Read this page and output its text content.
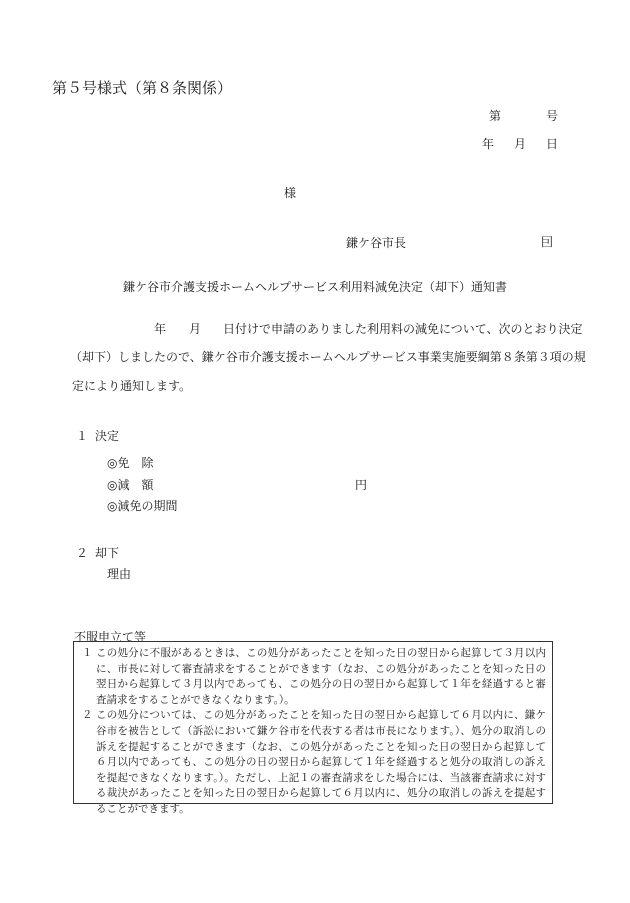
第５号様式（第８条関係）
第	号
年 月 日
様
鎌ケ谷市長	囙
鎌ケ谷市介護支援ホームヘルプサービス利用料減免決定（却下）通知書
年 月 日付けで申請のありました利用料の減免について、次のとおり決定
（却下）しましたので、鎌ケ谷市介護支援ホームヘルプサービス事業実施要綱第８条第３項の規
定により通知します。
１ 決定
◎免　除
◎減　額	円
◎減免の期間
２ 却下
理由
不服申立て等
１ この処分に不服があるときは、この処分があったことを知った日の翌日から起算して３月以内に、市長に対して審査請求をすることができます（なお、この処分があったことを知った日の翌日から起算して３月以内であっても、この処分の日の翌日から起算して１年を経過すると審査請求をすることができなくなります。）。
２ この処分については、この処分があったことを知った日の翌日から起算して６月以内に、鎌ケ谷市を被告として（訴訟において鎌ケ谷市を代表する者は市長になります。）、処分の取消しの訴えを提起することができます（なお、この処分があったことを知った日の翌日から起算して６月以内であっても、この処分の日の翌日から起算して１年を経過すると処分の取消しの訴えを提起できなくなります。）。ただし、上記１の審査請求をした場合には、当該審査請求に対する裁決があったことを知った日の翌日から起算して６月以内に、処分の取消しの訴えを提起することができます。
